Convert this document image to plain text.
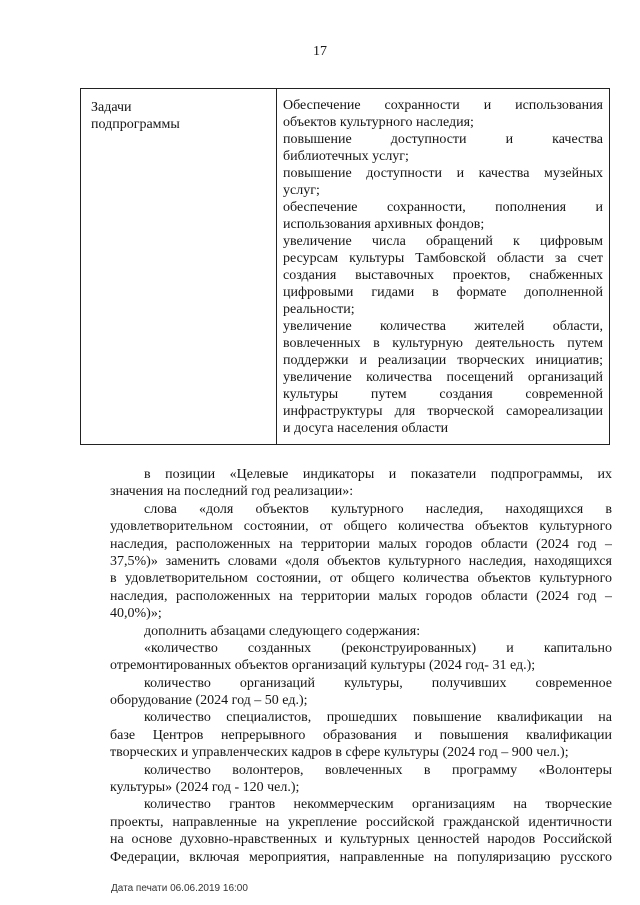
17
Задачи
подпрограммы
Обеспечение сохранности и использования
объектов культурного наследия;
повышение доступности и качества
библиотечных услуг;
повышение доступности и качества музейных
услуг;
обеспечение сохранности, пополнения и
использования архивных фондов;
увеличение числа обращений к цифровым
ресурсам культуры Тамбовской области за счет
создания выставочных проектов, снабженных
цифровыми гидами в формате дополненной
реальности;
увеличение количества жителей области,
вовлеченных в культурную деятельность путем
поддержки и реализации творческих инициатив;
увеличение количества посещений организаций
культуры путем создания современной
инфраструктуры для творческой самореализации
и досуга населения области
в позиции «Целевые индикаторы и показатели подпрограммы, их
значения на последний год реализации»:
слова «доля объектов культурного наследия, находящихся в
удовлетворительном состоянии, от общего количества объектов культурного
наследия, расположенных на территории малых городов области (2024 год –
37,5%)» заменить словами «доля объектов культурного наследия, находящихся
в удовлетворительном состоянии, от общего количества объектов культурного
наследия, расположенных на территории малых городов области (2024 год –
40,0%)»;
дополнить абзацами следующего содержания:
«количество созданных (реконструированных) и капитально
отремонтированных объектов организаций культуры (2024 год- 31 ед.);
количество организаций культуры, получивших современное
оборудование (2024 год – 50 ед.);
количество специалистов, прошедших повышение квалификации на
базе Центров непрерывного образования и повышения квалификации
творческих и управленческих кадров в сфере культуры (2024 год – 900 чел.);
количество волонтеров, вовлеченных в программу «Волонтеры
культуры» (2024 год - 120 чел.);
количество грантов некоммерческим организациям на творческие
проекты, направленные на укрепление российской гражданской идентичности
на основе духовно-нравственных и культурных ценностей народов Российской
Федерации, включая мероприятия, направленные на популяризацию русского
Дата печати 06.06.2019 16:00
